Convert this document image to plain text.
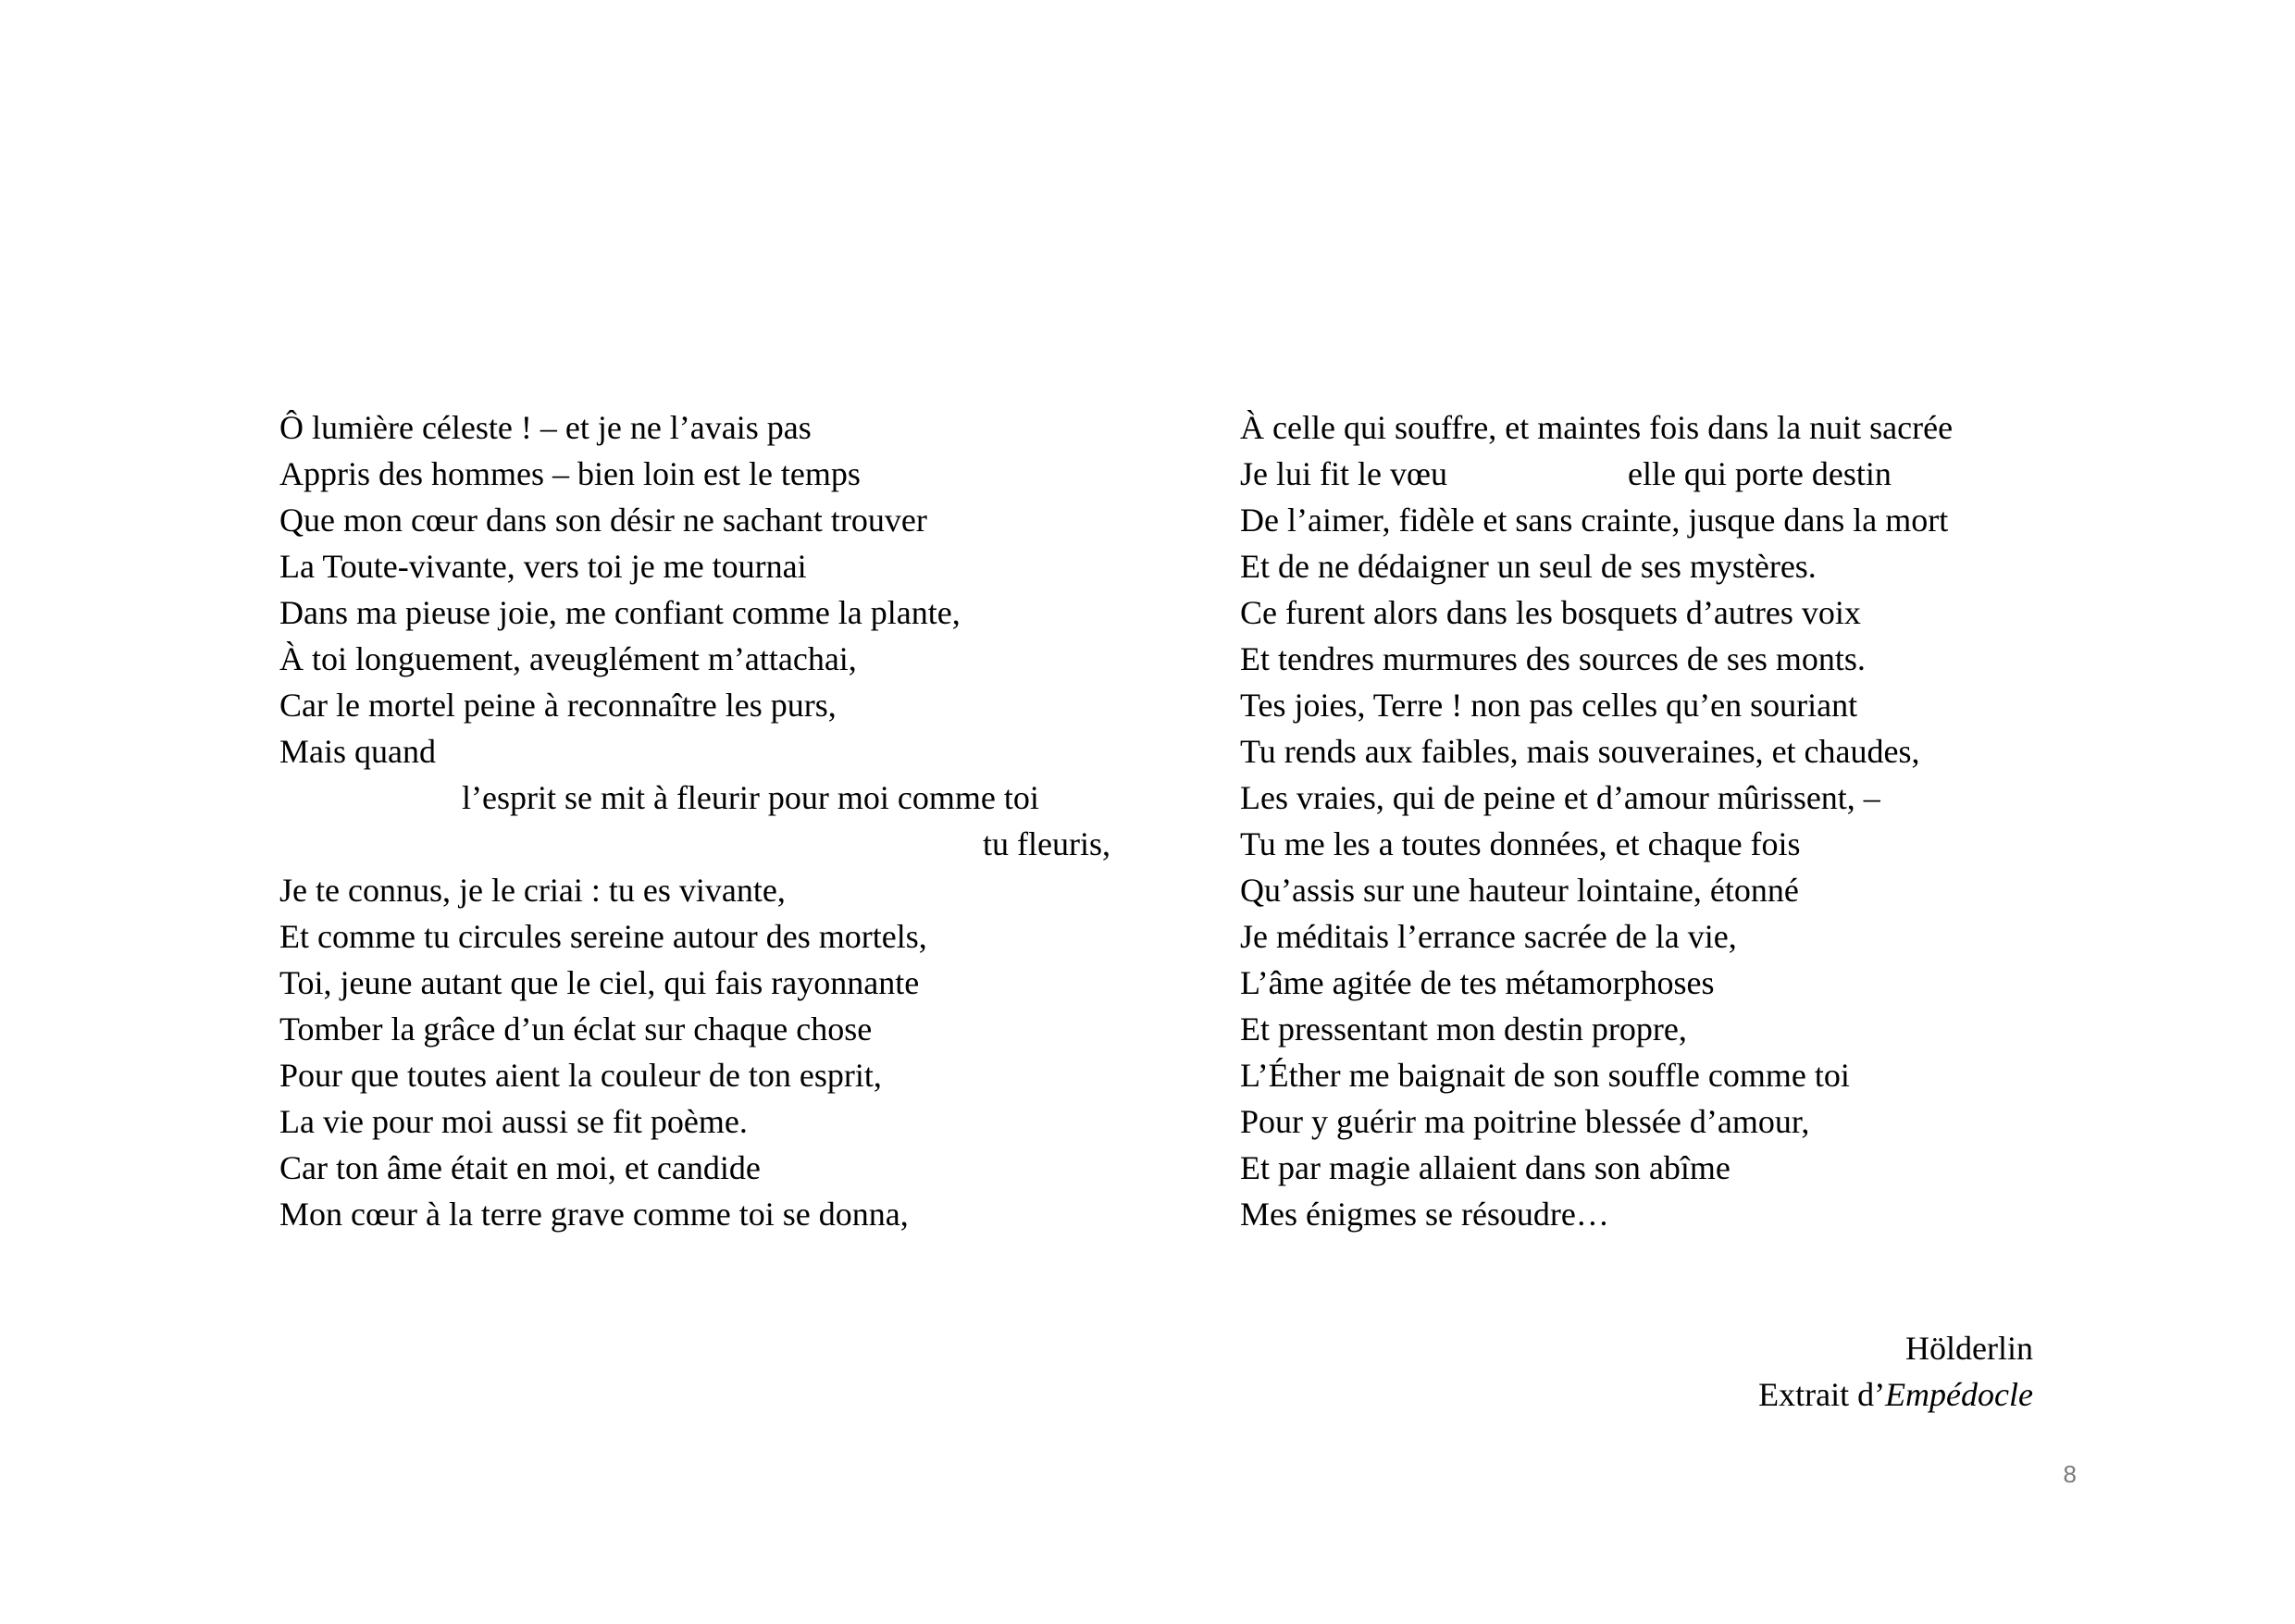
Ô lumière céleste ! – et je ne l’avais pas
Appris des hommes – bien loin est le temps
Que mon cœur dans son désir ne sachant trouver
La Toute-vivante, vers toi je me tournai
Dans ma pieuse joie, me confiant comme la plante,
À toi longuement, aveuglément m’attachai,
Car le mortel peine à reconnaître les purs,
Mais quand
l’esprit se mit à fleurir pour moi comme toi
tu fleuris,
Je te connus, je le criai : tu es vivante,
Et comme tu circules sereine autour des mortels,
Toi, jeune autant que le ciel, qui fais rayonnante
Tomber la grâce d’un éclat sur chaque chose
Pour que toutes aient la couleur de ton esprit,
La vie pour moi aussi se fit poème.
Car ton âme était en moi, et candide
Mon cœur à la terre grave comme toi se donna,
À celle qui souffre, et maintes fois dans la nuit sacrée
Je lui fit le vœu	elle qui porte destin
De l’aimer, fidèle et sans crainte, jusque dans la mort
Et de ne dédaigner un seul de ses mystères.
Ce furent alors dans les bosquets d’autres voix
Et tendres murmures des sources de ses monts.
Tes joies, Terre ! non pas celles qu’en souriant
Tu rends aux faibles, mais souveraines, et chaudes,
Les vraies, qui de peine et d’amour mûrissent, –
Tu me les a toutes données, et chaque fois
Qu’assis sur une hauteur lointaine, étonné
Je méditais l’errance sacrée de la vie,
L’âme agitée de tes métamorphoses
Et pressentant mon destin propre,
L’Éther me baignait de son souffle comme toi
Pour y guérir ma poitrine blessée d’amour,
Et par magie allaient dans son abîme
Mes énigmes se résoudre…
Hölderlin
Extrait d’Empédocle
8
